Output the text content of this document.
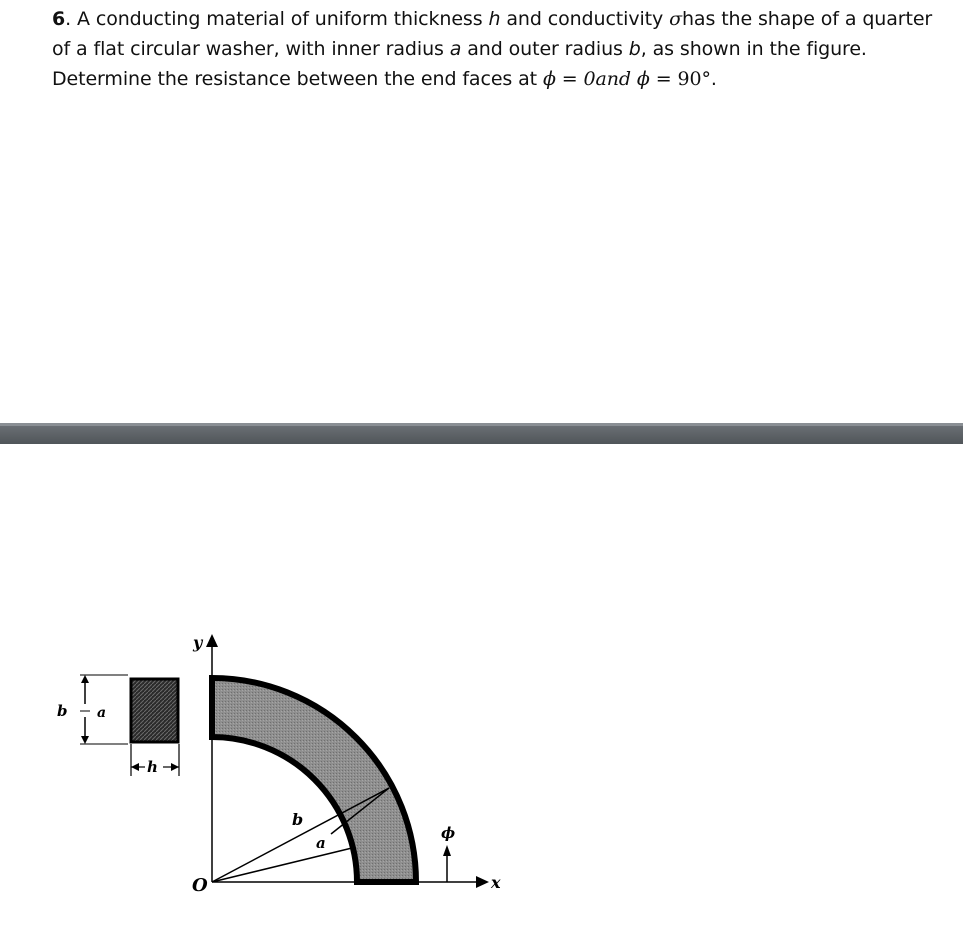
6. A conducting material of uniform thickness h and conductivity σhas the shape of a quarter of a flat circular washer, with inner radius a and outer radius b, as shown in the figure. Determine the resistance between the end faces at ϕ = 0and ϕ = 90°.
b a
h
y
x
O
b
a
ϕ
